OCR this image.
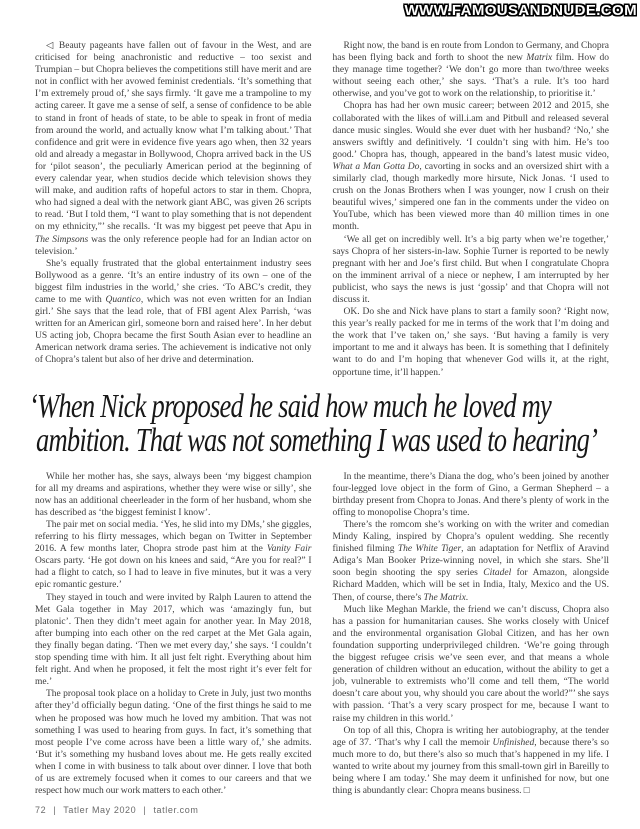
WWW.FAMOUSANDNUDE.COM

◁ Beauty pageants have fallen out of favour in the West, and are criticised for being anachronistic and reductive – too sexist and Trumpian – but Chopra believes the competitions still have merit and are not in conflict with her avowed feminist credentials. ‘It’s something that I’m extremely proud of,’ she says firmly. ‘It gave me a trampoline to my acting career. It gave me a sense of self, a sense of confidence to be able to stand in front of heads of state, to be able to speak in front of media from around the world, and actually know what I’m talking about.’ That confidence and grit were in evidence five years ago when, then 32 years old and already a megastar in Bollywood, Chopra arrived back in the US for ‘pilot season’, the peculiarly American period at the beginning of every calendar year, when studios decide which television shows they will make, and audition rafts of hopeful actors to star in them. Chopra, who had signed a deal with the network giant ABC, was given 26 scripts to read. ‘But I told them, “I want to play something that is not dependent on my ethnicity,”’ she recalls. ‘It was my biggest pet peeve that Apu in The Simpsons was the only reference people had for an Indian actor on television.’

She’s equally frustrated that the global entertainment industry sees Bollywood as a genre. ‘It’s an entire industry of its own – one of the biggest film industries in the world,’ she cries. ‘To ABC’s credit, they came to me with Quantico, which was not even written for an Indian girl.’ She says that the lead role, that of FBI agent Alex Parrish, ‘was written for an American girl, someone born and raised here’. In her debut US acting job, Chopra became the first South Asian ever to headline an American network drama series. The achievement is indicative not only of Chopra’s talent but also of her drive and determination.

Right now, the band is en route from London to Germany, and Chopra has been flying back and forth to shoot the new Matrix film. How do they manage time together? ‘We don’t go more than two/three weeks without seeing each other,’ she says. ‘That’s a rule. It’s too hard otherwise, and you’ve got to work on the relationship, to prioritise it.’

Chopra has had her own music career; between 2012 and 2015, she collaborated with the likes of will.i.am and Pitbull and released several dance music singles. Would she ever duet with her husband? ‘No,’ she answers swiftly and definitively. ‘I couldn’t sing with him. He’s too good.’ Chopra has, though, appeared in the band’s latest music video, What a Man Gotta Do, cavorting in socks and an oversized shirt with a similarly clad, though markedly more hirsute, Nick Jonas. ‘I used to crush on the Jonas Brothers when I was younger, now I crush on their beautiful wives,’ simpered one fan in the comments under the video on YouTube, which has been viewed more than 40 million times in one month.

‘We all get on incredibly well. It’s a big party when we’re together,’ says Chopra of her sisters-in-law. Sophie Turner is reported to be newly pregnant with her and Joe’s first child. But when I congratulate Chopra on the imminent arrival of a niece or nephew, I am interrupted by her publicist, who says the news is just ‘gossip’ and that Chopra will not discuss it.

OK. Do she and Nick have plans to start a family soon? ‘Right now, this year’s really packed for me in terms of the work that I’m doing and the work that I’ve taken on,’ she says. ‘But having a family is very important to me and it always has been. It is something that I definitely want to do and I’m hoping that whenever God wills it, at the right, opportune time, it’ll happen.’

‘When Nick proposed he said how much he loved my
ambition. That was not something I was used to hearing’

While her mother has, she says, always been ‘my biggest champion for all my dreams and aspirations, whether they were wise or silly’, she now has an additional cheerleader in the form of her husband, whom she has described as ‘the biggest feminist I know’.

The pair met on social media. ‘Yes, he slid into my DMs,’ she giggles, referring to his flirty messages, which began on Twitter in September 2016. A few months later, Chopra strode past him at the Vanity Fair Oscars party. ‘He got down on his knees and said, “Are you for real?” I had a flight to catch, so I had to leave in five minutes, but it was a very epic romantic gesture.’

They stayed in touch and were invited by Ralph Lauren to attend the Met Gala together in May 2017, which was ‘amazingly fun, but platonic’. Then they didn’t meet again for another year. In May 2018, after bumping into each other on the red carpet at the Met Gala again, they finally began dating. ‘Then we met every day,’ she says. ‘I couldn’t stop spending time with him. It all just felt right. Everything about him felt right. And when he proposed, it felt the most right it’s ever felt for me.’

The proposal took place on a holiday to Crete in July, just two months after they’d officially begun dating. ‘One of the first things he said to me when he proposed was how much he loved my ambition. That was not something I was used to hearing from guys. In fact, it’s something that most people I’ve come across have been a little wary of,’ she admits. ‘But it’s something my husband loves about me. He gets really excited when I come in with business to talk about over dinner. I love that both of us are extremely focused when it comes to our careers and that we respect how much our work matters to each other.’

In the meantime, there’s Diana the dog, who’s been joined by another four-legged love object in the form of Gino, a German Shepherd – a birthday present from Chopra to Jonas. And there’s plenty of work in the offing to monopolise Chopra’s time.

There’s the romcom she’s working on with the writer and comedian Mindy Kaling, inspired by Chopra’s opulent wedding. She recently finished filming The White Tiger, an adaptation for Netflix of Aravind Adiga’s Man Booker Prize-winning novel, in which she stars. She’ll soon begin shooting the spy series Citadel for Amazon, alongside Richard Madden, which will be set in India, Italy, Mexico and the US. Then, of course, there’s The Matrix.

Much like Meghan Markle, the friend we can’t discuss, Chopra also has a passion for humanitarian causes. She works closely with Unicef and the environmental organisation Global Citizen, and has her own foundation supporting underprivileged children. ‘We’re going through the biggest refugee crisis we’ve seen ever, and that means a whole generation of children without an education, without the ability to get a job, vulnerable to extremists who’ll come and tell them, “The world doesn’t care about you, why should you care about the world?”’ she says with passion. ‘That’s a very scary prospect for me, because I want to raise my children in this world.’

On top of all this, Chopra is writing her autobiography, at the tender age of 37. ‘That’s why I call the memoir Unfinished, because there’s so much more to do, but there’s also so much that’s happened in my life. I wanted to write about my journey from this small-town girl in Bareilly to being where I am today.’ She may deem it unfinished for now, but one thing is abundantly clear: Chopra means business. □

72 | Tatler May 2020 | tatler.com
